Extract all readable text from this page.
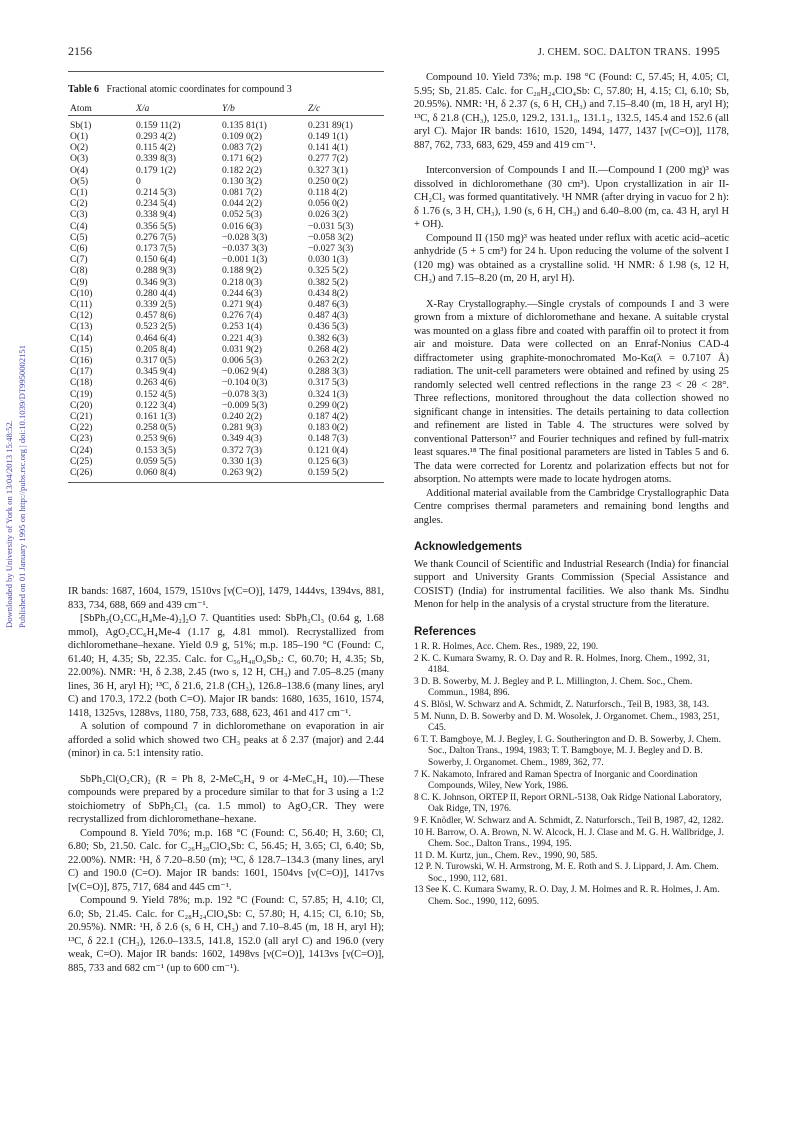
2156	J. CHEM. SOC. DALTON TRANS. 1995
Downloaded by University of York on 13/04/2013 15:48:52. Published on 01 January 1995 on http://pubs.rsc.org | doi:10.1039/DT9950002151
Table 6 Fractional atomic coordinates for compound 3
Atom	X/a	Y/b	Z/c

Sb(1)	0.159 11(2)	0.135 81(1)	0.231 89(1)
O(1)	0.293 4(2)	0.109 0(2)	0.149 1(1)
O(2)	0.115 4(2)	0.083 7(2)	0.141 4(1)
O(3)	0.339 8(3)	0.171 6(2)	0.277 7(2)
O(4)	0.179 1(2)	0.182 2(2)	0.327 3(1)
O(5)	0	0.130 3(2)	0.250 0(2)
C(1)	0.214 5(3)	0.081 7(2)	0.118 4(2)
C(2)	0.234 5(4)	0.044 2(2)	0.056 0(2)
C(3)	0.338 9(4)	0.052 5(3)	0.026 3(2)
C(4)	0.356 5(5)	0.016 6(3)	−0.031 5(3)
C(5)	0.276 7(5)	−0.028 3(3)	−0.058 3(2)
C(6)	0.173 7(5)	−0.037 3(3)	−0.027 3(3)
C(7)	0.150 6(4)	−0.001 1(3)	0.030 1(3)
C(8)	0.288 9(3)	0.188 9(2)	0.325 5(2)
C(9)	0.346 9(3)	0.218 0(3)	0.382 5(2)
C(10)	0.280 4(4)	0.244 6(3)	0.434 8(2)
C(11)	0.339 2(5)	0.271 9(4)	0.487 6(3)
C(12)	0.457 8(6)	0.276 7(4)	0.487 4(3)
C(13)	0.523 2(5)	0.253 1(4)	0.436 5(3)
C(14)	0.464 6(4)	0.221 4(3)	0.382 6(3)
C(15)	0.205 8(4)	0.031 9(2)	0.268 4(2)
C(16)	0.317 0(5)	0.006 5(3)	0.263 2(2)
C(17)	0.345 9(4)	−0.062 9(4)	0.288 3(3)
C(18)	0.263 4(6)	−0.104 0(3)	0.317 5(3)
C(19)	0.152 4(5)	−0.078 3(3)	0.324 1(3)
C(20)	0.122 3(4)	−0.009 5(3)	0.299 0(2)
C(21)	0.161 1(3)	0.240 2(2)	0.187 4(2)
C(22)	0.258 0(5)	0.281 9(3)	0.183 0(2)
C(23)	0.253 9(6)	0.349 4(3)	0.148 7(3)
C(24)	0.153 3(5)	0.372 7(3)	0.121 0(4)
C(25)	0.059 5(5)	0.330 1(3)	0.125 6(3)
C(26)	0.060 8(4)	0.263 9(2)	0.159 5(2)

IR bands: 1687, 1604, 1579, 1510vs [ν(C=O)], 1479, 1444vs, 1394vs, 881, 833, 734, 688, 669 and 439 cm⁻¹.

[SbPh₂(O₂CC₆H₄Me-4)₂]₂O 7. Quantities used: SbPh₂Cl₃ (0.64 g, 1.68 mmol), AgO₂CC₆H₄Me-4 (1.17 g, 4.81 mmol). Recrystallized from dichloromethane–hexane. Yield 0.9 g, 51%; m.p. 185–190 °C (Found: C, 61.40; H, 4.35; Sb, 22.35. Calc. for C₅₆H₄₈O₉Sb₂: C, 60.70; H, 4.35; Sb, 22.00%). NMR: ¹H, δ 2.38, 2.45 (two s, 12 H, CH₃) and 7.05–8.25 (many lines, 36 H, aryl H); ¹³C, δ 21.6, 21.8 (CH₃), 126.8–138.6 (many lines, aryl C) and 170.3, 172.2 (both C=O). Major IR bands: 1680, 1635, 1610, 1574, 1418, 1325vs, 1288vs, 1180, 758, 733, 688, 623, 461 and 417 cm⁻¹.

A solution of compound 7 in dichloromethane on evaporation in air afforded a solid which showed two CH₃ peaks at δ 2.37 (major) and 2.44 (minor) in ca. 5:1 intensity ratio.

SbPh₂Cl(O₂CR)₂ (R = Ph 8, 2-MeC₆H₄ 9 or 4-MeC₆H₄ 10).—These compounds were prepared by a procedure similar to that for 3 using a 1:2 stoichiometry of SbPh₂Cl₃ (ca. 1.5 mmol) to AgO₂CR. They were recrystallized from dichloromethane–hexane.

Compound 8. Yield 70%; m.p. 168 °C (Found: C, 56.40; H, 3.60; Cl, 6.80; Sb, 21.50. Calc. for C₂₆H₂₀ClO₄Sb: C, 56.45; H, 3.65; Cl, 6.40; Sb, 22.00%). NMR: ¹H, δ 7.20–8.50 (m); ¹³C, δ 128.7–134.3 (many lines, aryl C) and 190.0 (C=O). Major IR bands: 1601, 1504vs [ν(C=O)], 1417vs [ν(C=O)], 875, 717, 684 and 445 cm⁻¹.

Compound 9. Yield 78%; m.p. 192 °C (Found: C, 57.85; H, 4.10; Cl, 6.0; Sb, 21.45. Calc. for C₂₈H₂₄ClO₄Sb: C, 57.80; H, 4.15; Cl, 6.10; Sb, 20.95%). NMR: ¹H, δ 2.6 (s, 6 H, CH₃) and 7.10–8.45 (m, 18 H, aryl H); ¹³C, δ 22.1 (CH₃), 126.0–133.5, 141.8, 152.0 (all aryl C) and 196.0 (very weak, C=O). Major IR bands: 1602, 1498vs [ν(C=O)], 1413vs [ν(C=O)], 885, 733 and 682 cm⁻¹ (up to 600 cm⁻¹).

Compound 10. Yield 73%; m.p. 198 °C (Found: C, 57.45; H, 4.05; Cl, 5.95; Sb, 21.85. Calc. for C₂₈H₂₄ClO₄Sb: C, 57.80; H, 4.15; Cl, 6.10; Sb, 20.95%). NMR: ¹H, δ 2.37 (s, 6 H, CH₃) and 7.15–8.40 (m, 18 H, aryl H); ¹³C, δ 21.8 (CH₃), 125.0, 129.2, 131.1₀, 131.1₂, 132.5, 145.4 and 152.6 (all aryl C). Major IR bands: 1610, 1520, 1494, 1477, 1437 [ν(C=O)], 1178, 887, 762, 733, 683, 629, 459 and 419 cm⁻¹.

Interconversion of Compounds I and II.—Compound I (200 mg)³ was dissolved in dichloromethane (30 cm³). Upon crystallization in air II-CH₂Cl₂ was formed quantitatively. ¹H NMR (after drying in vacuo for 2 h): δ 1.76 (s, 3 H, CH₃), 1.90 (s, 6 H, CH₃) and 6.40–8.00 (m, ca. 43 H, aryl H + OH).

Compound II (150 mg)³ was heated under reflux with acetic acid–acetic anhydride (5 + 5 cm³) for 24 h. Upon reducing the volume of the solvent I (120 mg) was obtained as a crystalline solid. ¹H NMR: δ 1.98 (s, 12 H, CH₃) and 7.15–8.20 (m, 20 H, aryl H).

X-Ray Crystallography.—Single crystals of compounds I and 3 were grown from a mixture of dichloromethane and hexane. A suitable crystal was mounted on a glass fibre and coated with paraffin oil to protect it from air and moisture. Data were collected on an Enraf-Nonius CAD-4 diffractometer using graphite-monochromated Mo-Kα(λ = 0.7107 Å) radiation. The unit-cell parameters were obtained and refined by using 25 randomly selected well centred reflections in the range 23 < 2θ < 28°. Three reflections, monitored throughout the data collection showed no significant change in intensities. The details pertaining to data collection and refinement are listed in Table 4. The structures were solved by conventional Patterson¹⁷ and Fourier techniques and refined by full-matrix least squares.¹⁸ The final positional parameters are listed in Tables 5 and 6. The data were corrected for Lorentz and polarization effects but not for absorption. No attempts were made to locate hydrogen atoms.

Additional material available from the Cambridge Crystallographic Data Centre comprises thermal parameters and remaining bond lengths and angles.

Acknowledgements

We thank Council of Scientific and Industrial Research (India) for financial support and University Grants Commission (Special Assistance and COSIST) (India) for instrumental facilities. We also thank Ms. Sindhu Menon for help in the analysis of a crystal structure from the literature.

References
1 R. R. Holmes, Acc. Chem. Res., 1989, 22, 190.
2 K. C. Kumara Swamy, R. O. Day and R. R. Holmes, Inorg. Chem., 1992, 31, 4184.
3 D. B. Sowerby, M. J. Begley and P. L. Millington, J. Chem. Soc., Chem. Commun., 1984, 896.
4 S. Blösl, W. Schwarz and A. Schmidt, Z. Naturforsch., Teil B, 1983, 38, 143.
5 M. Nunn, D. B. Sowerby and D. M. Wosolek, J. Organomet. Chem., 1983, 251, C45.
6 T. T. Bamgboye, M. J. Begley, I. G. Southerington and D. B. Sowerby, J. Chem. Soc., Dalton Trans., 1994, 1983; T. T. Bamgboye, M. J. Begley and D. B. Sowerby, J. Organomet. Chem., 1989, 362, 77.
7 K. Nakamoto, Infrared and Raman Spectra of Inorganic and Coordination Compounds, Wiley, New York, 1986.
8 C. K. Johnson, ORTEP II, Report ORNL-5138, Oak Ridge National Laboratory, Oak Ridge, TN, 1976.
9 F. Knödler, W. Schwarz and A. Schmidt, Z. Naturforsch., Teil B, 1987, 42, 1282.
10 H. Barrow, O. A. Brown, N. W. Alcock, H. J. Clase and M. G. H. Wallbridge, J. Chem. Soc., Dalton Trans., 1994, 195.
11 D. M. Kurtz, jun., Chem. Rev., 1990, 90, 585.
12 P. N. Turowski, W. H. Armstrong, M. E. Roth and S. J. Lippard, J. Am. Chem. Soc., 1990, 112, 681.
13 See K. C. Kumara Swamy, R. O. Day, J. M. Holmes and R. R. Holmes, J. Am. Chem. Soc., 1990, 112, 6095.
